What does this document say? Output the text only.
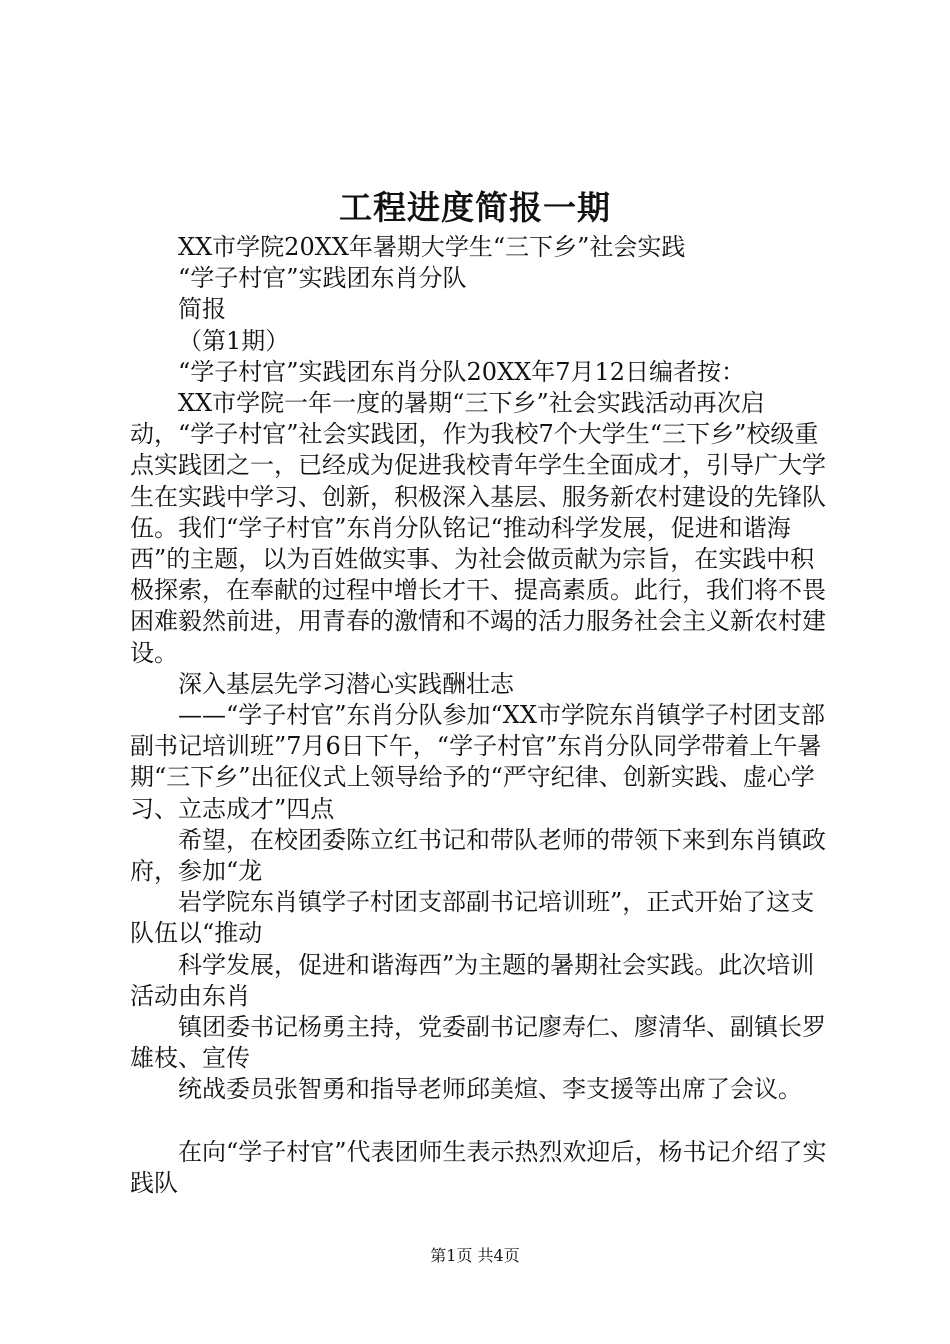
工程进度简报一期

XX市学院20XX年暑期大学生“三下乡”社会实践

“学子村官”实践团东肖分队

简报

（第1期）

“学子村官”实践团东肖分队20XX年7月12日编者按：

XX市学院一年一度的暑期“三下乡”社会实践活动再次启动，“学子村官”社会实践团，作为我校7个大学生“三下乡”校级重点实践团之一，已经成为促进我校青年学生全面成才，引导广大学生在实践中学习、创新，积极深入基层、服务新农村建设的先锋队伍。我们“学子村官”东肖分队铭记“推动科学发展，促进和谐海西”的主题，以为百姓做实事、为社会做贡献为宗旨，在实践中积极探索，在奉献的过程中增长才干、提高素质。此行，我们将不畏困难毅然前进，用青春的激情和不竭的活力服务社会主义新农村建设。

深入基层先学习潜心实践酬壮志

——“学子村官”东肖分队参加“XX市学院东肖镇学子村团支部副书记培训班”7月6日下午，“学子村官”东肖分队同学带着上午暑期“三下乡”出征仪式上领导给予的“严守纪律、创新实践、虚心学习、立志成才”四点

希望，在校团委陈立红书记和带队老师的带领下来到东肖镇政府，参加“龙

岩学院东肖镇学子村团支部副书记培训班”，正式开始了这支队伍以“推动

科学发展，促进和谐海西”为主题的暑期社会实践。此次培训活动由东肖

镇团委书记杨勇主持，党委副书记廖寿仁、廖清华、副镇长罗雄枝、宣传

统战委员张智勇和指导老师邱美煊、李支援等出席了会议。

在向“学子村官”代表团师生表示热烈欢迎后，杨书记介绍了实践队

第1页 共4页
